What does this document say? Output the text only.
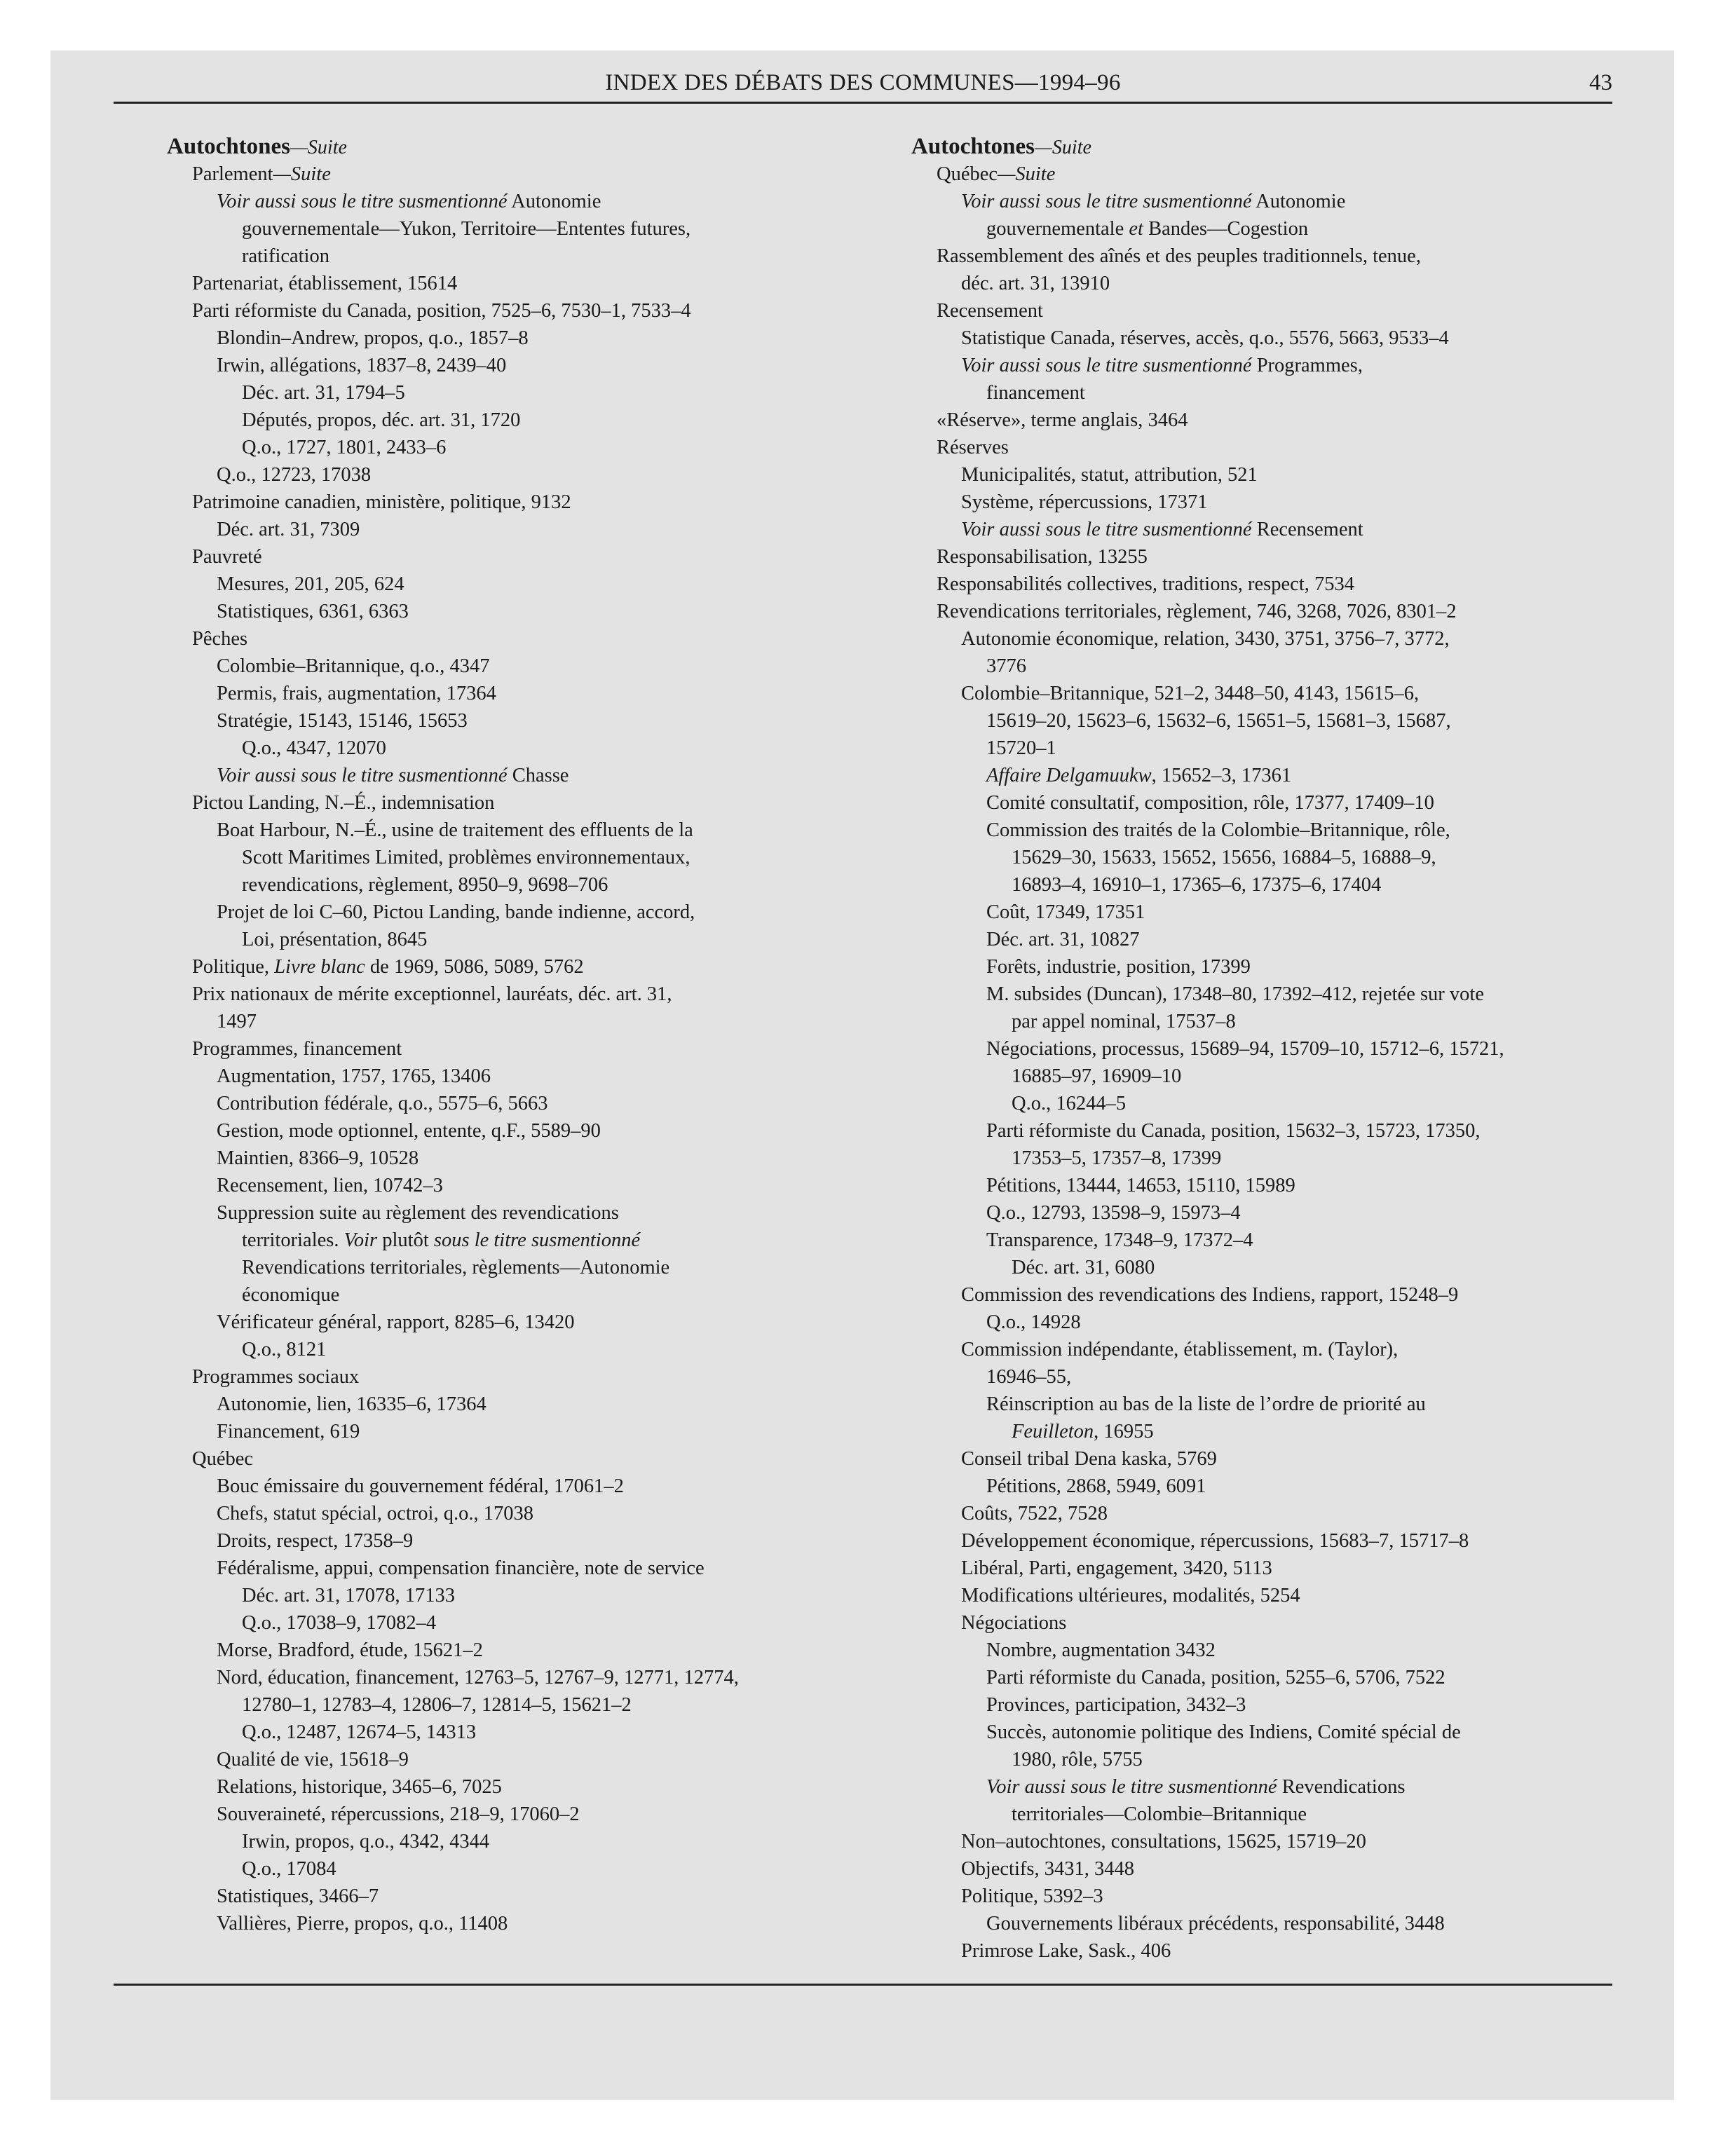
INDEX DES DÉBATS DES COMMUNES—1994–96	43
Autochtones—Suite
Parlement—Suite
Voir aussi sous le titre susmentionné Autonomie
gouvernementale—Yukon, Territoire—Ententes futures,
ratification
Partenariat, établissement, 15614
Parti réformiste du Canada, position, 7525–6, 7530–1, 7533–4
Blondin–Andrew, propos, q.o., 1857–8
Irwin, allégations, 1837–8, 2439–40
Déc. art. 31, 1794–5
Députés, propos, déc. art. 31, 1720
Q.o., 1727, 1801, 2433–6
Q.o., 12723, 17038
Patrimoine canadien, ministère, politique, 9132
Déc. art. 31, 7309
Pauvreté
Mesures, 201, 205, 624
Statistiques, 6361, 6363
Pêches
Colombie–Britannique, q.o., 4347
Permis, frais, augmentation, 17364
Stratégie, 15143, 15146, 15653
Q.o., 4347, 12070
Voir aussi sous le titre susmentionné Chasse
Pictou Landing, N.–É., indemnisation
Boat Harbour, N.–É., usine de traitement des effluents de la
Scott Maritimes Limited, problèmes environnementaux,
revendications, règlement, 8950–9, 9698–706
Projet de loi C–60, Pictou Landing, bande indienne, accord,
Loi, présentation, 8645
Politique, Livre blanc de 1969, 5086, 5089, 5762
Prix nationaux de mérite exceptionnel, lauréats, déc. art. 31,
1497
Programmes, financement
Augmentation, 1757, 1765, 13406
Contribution fédérale, q.o., 5575–6, 5663
Gestion, mode optionnel, entente, q.F., 5589–90
Maintien, 8366–9, 10528
Recensement, lien, 10742–3
Suppression suite au règlement des revendications
territoriales. Voir plutôt sous le titre susmentionné
Revendications territoriales, règlements—Autonomie
économique
Vérificateur général, rapport, 8285–6, 13420
Q.o., 8121
Programmes sociaux
Autonomie, lien, 16335–6, 17364
Financement, 619
Québec
Bouc émissaire du gouvernement fédéral, 17061–2
Chefs, statut spécial, octroi, q.o., 17038
Droits, respect, 17358–9
Fédéralisme, appui, compensation financière, note de service
Déc. art. 31, 17078, 17133
Q.o., 17038–9, 17082–4
Morse, Bradford, étude, 15621–2
Nord, éducation, financement, 12763–5, 12767–9, 12771, 12774,
12780–1, 12783–4, 12806–7, 12814–5, 15621–2
Q.o., 12487, 12674–5, 14313
Qualité de vie, 15618–9
Relations, historique, 3465–6, 7025
Souveraineté, répercussions, 218–9, 17060–2
Irwin, propos, q.o., 4342, 4344
Q.o., 17084
Statistiques, 3466–7
Vallières, Pierre, propos, q.o., 11408
Autochtones—Suite
Québec—Suite
Voir aussi sous le titre susmentionné Autonomie
gouvernementale et Bandes—Cogestion
Rassemblement des aînés et des peuples traditionnels, tenue,
déc. art. 31, 13910
Recensement
Statistique Canada, réserves, accès, q.o., 5576, 5663, 9533–4
Voir aussi sous le titre susmentionné Programmes,
financement
«Réserve», terme anglais, 3464
Réserves
Municipalités, statut, attribution, 521
Système, répercussions, 17371
Voir aussi sous le titre susmentionné Recensement
Responsabilisation, 13255
Responsabilités collectives, traditions, respect, 7534
Revendications territoriales, règlement, 746, 3268, 7026, 8301–2
Autonomie économique, relation, 3430, 3751, 3756–7, 3772,
3776
Colombie–Britannique, 521–2, 3448–50, 4143, 15615–6,
15619–20, 15623–6, 15632–6, 15651–5, 15681–3, 15687,
15720–1
Affaire Delgamuukw, 15652–3, 17361
Comité consultatif, composition, rôle, 17377, 17409–10
Commission des traités de la Colombie–Britannique, rôle,
15629–30, 15633, 15652, 15656, 16884–5, 16888–9,
16893–4, 16910–1, 17365–6, 17375–6, 17404
Coût, 17349, 17351
Déc. art. 31, 10827
Forêts, industrie, position, 17399
M. subsides (Duncan), 17348–80, 17392–412, rejetée sur vote
par appel nominal, 17537–8
Négociations, processus, 15689–94, 15709–10, 15712–6, 15721,
16885–97, 16909–10
Q.o., 16244–5
Parti réformiste du Canada, position, 15632–3, 15723, 17350,
17353–5, 17357–8, 17399
Pétitions, 13444, 14653, 15110, 15989
Q.o., 12793, 13598–9, 15973–4
Transparence, 17348–9, 17372–4
Déc. art. 31, 6080
Commission des revendications des Indiens, rapport, 15248–9
Q.o., 14928
Commission indépendante, établissement, m. (Taylor),
16946–55,
Réinscription au bas de la liste de l’ordre de priorité au
Feuilleton, 16955
Conseil tribal Dena kaska, 5769
Pétitions, 2868, 5949, 6091
Coûts, 7522, 7528
Développement économique, répercussions, 15683–7, 15717–8
Libéral, Parti, engagement, 3420, 5113
Modifications ultérieures, modalités, 5254
Négociations
Nombre, augmentation 3432
Parti réformiste du Canada, position, 5255–6, 5706, 7522
Provinces, participation, 3432–3
Succès, autonomie politique des Indiens, Comité spécial de
1980, rôle, 5755
Voir aussi sous le titre susmentionné Revendications
territoriales—Colombie–Britannique
Non–autochtones, consultations, 15625, 15719–20
Objectifs, 3431, 3448
Politique, 5392–3
Gouvernements libéraux précédents, responsabilité, 3448
Primrose Lake, Sask., 406
